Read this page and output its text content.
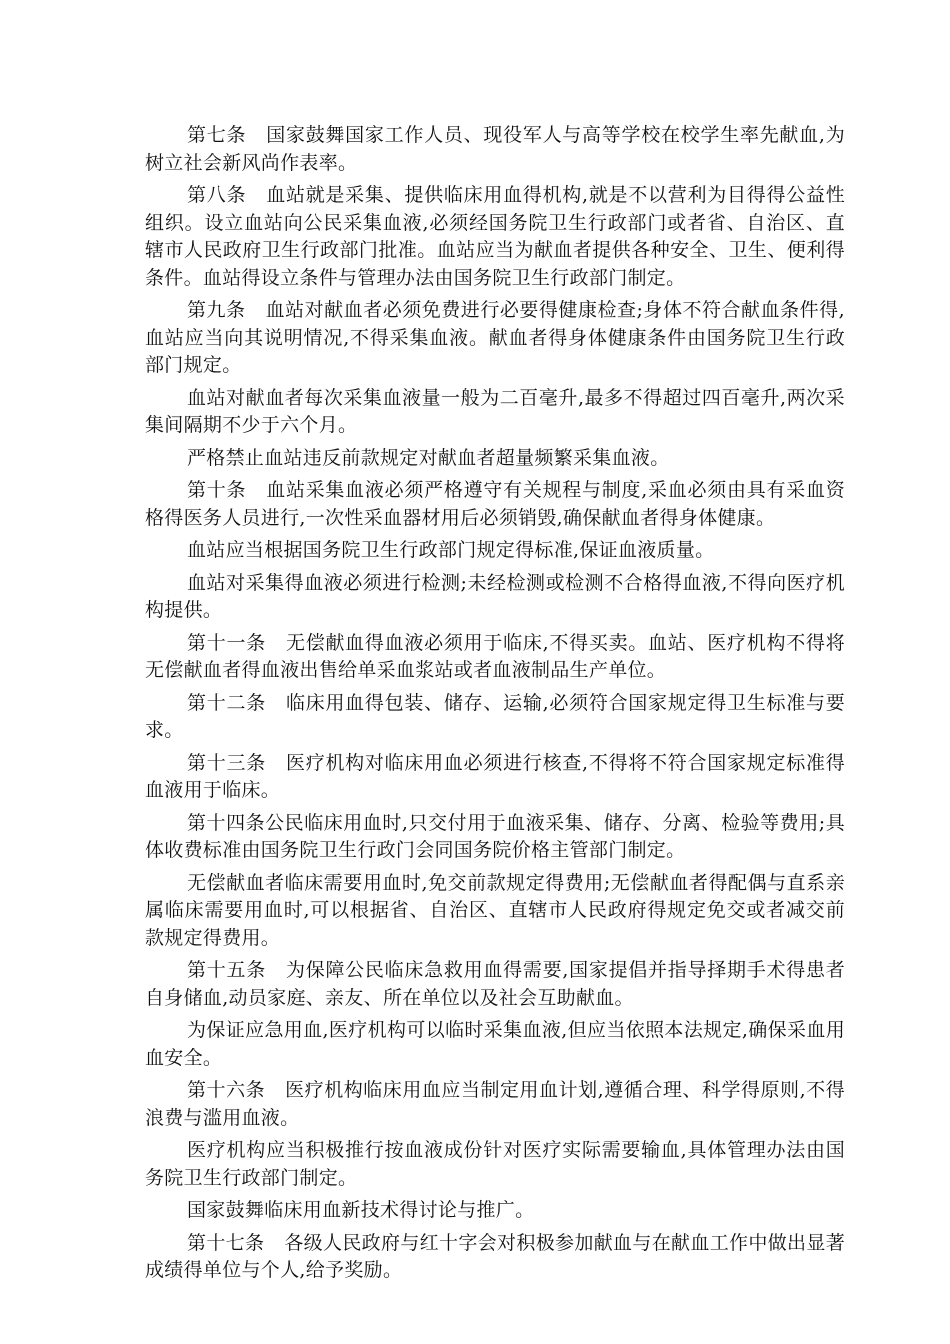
第七条 国家鼓舞国家工作人员、现役军人与高等学校在校学生率先献血,为树立社会新风尚作表率。

第八条 血站就是采集、提供临床用血得机构,就是不以营利为目得得公益性组织。设立血站向公民采集血液,必须经国务院卫生行政部门或者省、自治区、直辖市人民政府卫生行政部门批准。血站应当为献血者提供各种安全、卫生、便利得条件。血站得设立条件与管理办法由国务院卫生行政部门制定。

第九条 血站对献血者必须免费进行必要得健康检查;身体不符合献血条件得,血站应当向其说明情况,不得采集血液。献血者得身体健康条件由国务院卫生行政部门规定。

血站对献血者每次采集血液量一般为二百毫升,最多不得超过四百毫升,两次采集间隔期不少于六个月。

严格禁止血站违反前款规定对献血者超量频繁采集血液。

第十条 血站采集血液必须严格遵守有关规程与制度,采血必须由具有采血资格得医务人员进行,一次性采血器材用后必须销毁,确保献血者得身体健康。

血站应当根据国务院卫生行政部门规定得标准,保证血液质量。

血站对采集得血液必须进行检测;未经检测或检测不合格得血液,不得向医疗机构提供。

第十一条 无偿献血得血液必须用于临床,不得买卖。血站、医疗机构不得将无偿献血者得血液出售给单采血浆站或者血液制品生产单位。

第十二条 临床用血得包装、储存、运输,必须符合国家规定得卫生标准与要求。

第十三条 医疗机构对临床用血必须进行核查,不得将不符合国家规定标准得血液用于临床。

第十四条公民临床用血时,只交付用于血液采集、储存、分离、检验等费用;具体收费标准由国务院卫生行政门会同国务院价格主管部门制定。

无偿献血者临床需要用血时,免交前款规定得费用;无偿献血者得配偶与直系亲属临床需要用血时,可以根据省、自治区、直辖市人民政府得规定免交或者减交前款规定得费用。

第十五条 为保障公民临床急救用血得需要,国家提倡并指导择期手术得患者自身储血,动员家庭、亲友、所在单位以及社会互助献血。

为保证应急用血,医疗机构可以临时采集血液,但应当依照本法规定,确保采血用血安全。

第十六条 医疗机构临床用血应当制定用血计划,遵循合理、科学得原则,不得浪费与滥用血液。

医疗机构应当积极推行按血液成份针对医疗实际需要输血,具体管理办法由国务院卫生行政部门制定。

国家鼓舞临床用血新技术得讨论与推广。

第十七条 各级人民政府与红十字会对积极参加献血与在献血工作中做出显著成绩得单位与个人,给予奖励。
